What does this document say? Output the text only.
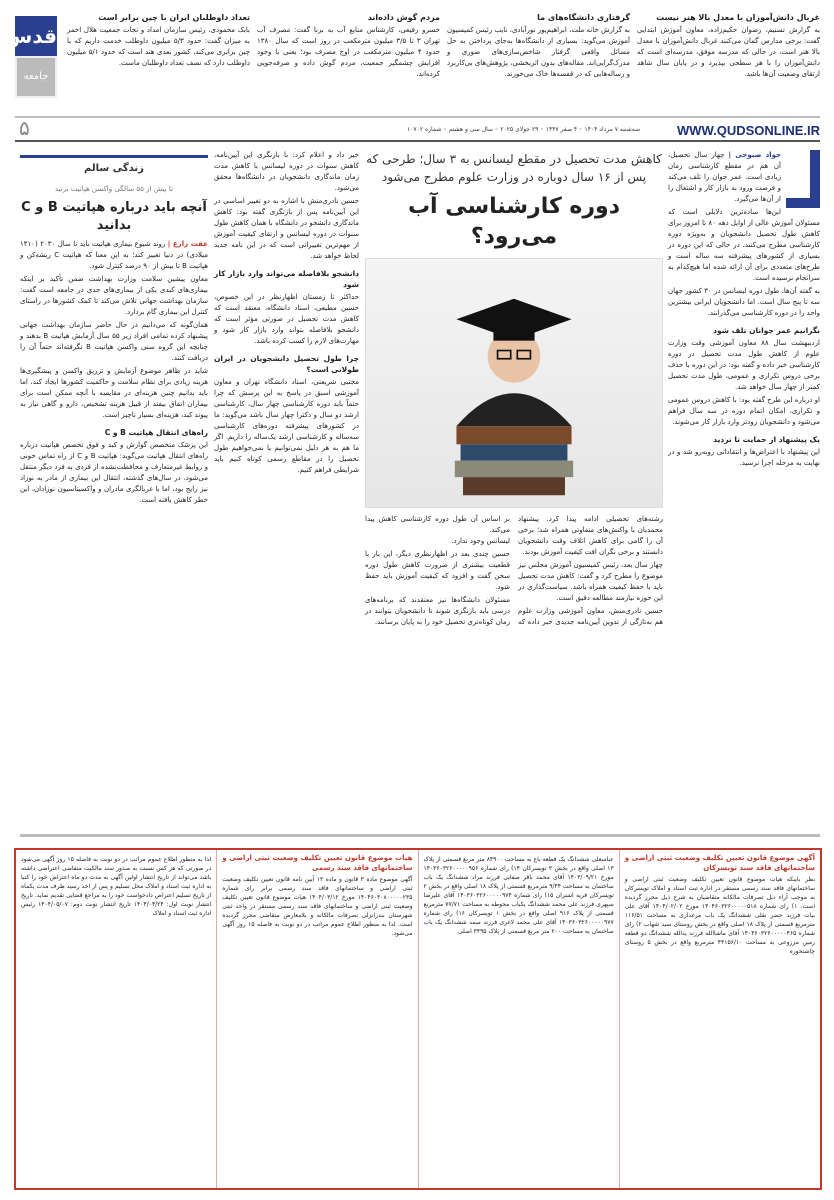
غربال دانش‌آموزان با معدل بالا هنر نیست
به گزارش تسنیم، رضوان حکیم‌زاده، معاون آموزش ابتدایی گفت: برخی مدارس گمان می‌کنند غربال دانش‌آموزان با معدل بالا هنر است، در حالی که مدرسه موفق، مدرسه‌ای است که دانش‌آموزان را با هر سطحی بپذیرد و در پایان سال شاهد ارتقای وضعیت آن‌ها باشد.
گرفتاری دانشگاه‌های ما
به گزارش خانه ملت، ابراهیم‌پور نورآبادی، نایب رئیس کمیسیون آموزش می‌گوید: بسیاری از دانشگاه‌ها به‌جای پرداختن به حل مسائل واقعی گرفتار شاخص‌سازی‌های صوری و مدرک‌گرایی‌اند. مقاله‌های بدون اثربخشی، پژوهش‌های بی‌کاربرد و رساله‌هایی که در قفسه‌ها خاک می‌خورند.
مردم گوش داده‌اند
خسرو رفیعی، کارشناس منابع آب به برنا گفت: مصرف آب تهران ۳ تا ۳/۵ میلیون مترمکعب در روز است که سال ۱۳۸۰ حدود ۴ میلیون مترمکعب در اوج مصرف بود؛ یعنی با وجود افزایش چشمگیر جمعیت، مردم گوش داده و صرفه‌جویی کرده‌اند.
تعداد داوطلبان ایران با چین برابر است
بابک محمودی، رئیس سازمان امداد و نجات جمعیت هلال احمر به میزان گفت: حدود ۵/۳ میلیون داوطلب خدمت داریم که با چین برابری می‌کند، کشور بعدی هند است که حدود ۵/۱ میلیون داوطلب دارد که نصف تعداد داوطلبان ماست.
قدس
جامعه
WWW.QUDSONLINE.IR
سه‌شنبه ۷ مرداد ۱۴۰۴ ◦ ۴ صفر ۱۴۴۷ ◦ ۲۹ جولای ۲۰۲۵ ◦ سال سی و هشتم ◦ شماره ۱۰۷۰۲
۵

جواد صبوحی | چهار سال تحصیل، آن هم در مقطع کارشناسی زمان زیادی است. عمر جوان را تلف می‌کند و فرصت ورود به بازار کار و اشتغال را از آن‌ها می‌گیرد.

این‌ها ساده‌ترین دلایلی است که مسئولان آموزش عالی از اوایل دهه ۸۰ تا امروز برای کاهش طول تحصیل دانشجویان و به‌ویژه دوره کارشناسی مطرح می‌کنند. در حالی که این دوره در بسیاری از کشورهای پیشرفته سه ساله است و طرح‌های متعددی برای آن ارائه شده اما هیچ‌کدام به سرانجام نرسیده است.

به گفته آن‌ها، طول دوره لیسانس در ۳۰ کشور جهان سه تا پنج سال است. اما دانشجویان ایرانی بیشترین واحد را در دوره کارشناسی می‌گذرانند.

نگرانیم عمر جوانان تلف شود

اردیبهشت سال ۸۸ معاون آموزشی وقت وزارت علوم از کاهش طول مدت تحصیل در دوره کارشناسی خبر داده و گفته بود: در این دوره با حذف برخی دروس تکراری و عمومی، طول مدت تحصیل کمتر از چهار سال خواهد شد.

او درباره این طرح گفته بود: با کاهش دروس عمومی و تکراری، امکان اتمام دوره در سه سال فراهم می‌شود و دانشجویان زودتر وارد بازار کار می‌شوند.

یک پیشنهاد از حمایت تا تردید

این پیشنهاد با اعتراض‌ها و انتقاداتی روبه‌رو شد و در نهایت به مرحله اجرا نرسید.

کاهش مدت تحصیل در مقطع لیسانس به ۳ سال؛ طرحی که پس از ۱۶ سال دوباره در وزارت علوم مطرح می‌شود
دوره کارشناسی آب می‌رود؟

رشته‌های تحصیلی ادامه پیدا کرد. پیشنهاد محمدیان با واکنش‌های متفاوتی همراه شد؛ برخی آن را گامی برای کاهش اتلاف وقت دانشجویان دانستند و برخی نگران افت کیفیت آموزش بودند.

چهار سال بعد، رئیس کمیسیون آموزش مجلس نیز موضوع را مطرح کرد و گفت: کاهش مدت تحصیل باید با حفظ کیفیت همراه باشد. سیاست‌گذاری در این حوزه نیازمند مطالعه دقیق است.

حسین نادری‌منش، معاون آموزشی وزارت علوم هم به‌تازگی از تدوین آیین‌نامه جدیدی خبر داده که بر اساس آن طول دوره کارشناسی کاهش پیدا می‌کند.

لیسانس وجود ندارد.

حسین چندی بعد در اظهارنظری دیگر، این بار با قطعیت بیشتری از ضرورت کاهش طول دوره سخن گفت و افزود که کیفیت آموزش باید حفظ شود.

مسئولان دانشگاه‌ها نیز معتقدند که برنامه‌های درسی باید بازنگری شوند تا دانشجویان بتوانند در زمان کوتاه‌تری تحصیل خود را به پایان برسانند.

خبر داد و اعلام کرد: با بازنگری این آیین‌نامه، کاهش سنوات در دوره لیسانس با کاهش مدت زمان ماندگاری دانشجویان در دانشگاه‌ها محقق می‌شود.

حسین نادری‌منش با اشاره به دو تغییر اساسی در این آیین‌نامه پس از بازنگری گفته بود: کاهش ماندگاری دانشجو در دانشگاه با همان کاهش طول سنوات در دوره لیسانس و ارتقای کیفیت آموزش از مهم‌ترین تغییراتی است که در این نامه جدید لحاظ خواهد شد.

دانشجو بلافاصله می‌تواند وارد بازار کار شود

حداکثر تا زمستان اظهارنظر در این خصوص، حسین مطیعی، استاد دانشگاه، معتقد است که کاهش مدت تحصیل در صورتی مؤثر است که دانشجو بلافاصله بتواند وارد بازار کار شود و مهارت‌های لازم را کسب کرده باشد.

چرا طول تحصیل دانشجویان در ایران طولانی است؟

مجتبی شریعتی، استاد دانشگاه تهران و معاون آموزشی اسبق در پاسخ به این پرسش که چرا حتماً باید دوره کارشناسی چهار سال، کارشناسی ارشد دو سال و دکترا چهار سال باشد می‌گوید: ما در کشورهای پیشرفته دوره‌های کارشناسی سه‌ساله و کارشناسی ارشد یک‌ساله را داریم. اگر ما هم به هر دلیل نمی‌توانیم یا نمی‌خواهیم طول تحصیل را در مقاطع رسمی کوتاه کنیم باید شرایطی فراهم کنیم.

زندگی سالم
تا پیش از ۵۵ سالگی واکسن هپاتیت بزنید
آنچه باید درباره هپاتیت B و C بدانید

عفت زارع | روند شیوع بیماری هپاتیت باید تا سال ۲۰۳۰ (۱۴۱۰ میلادی) در دنیا تغییر کند؛ به این معنا که هپاتیت C ریشه‌کن و هپاتیت B تا بیش از ۹۰ درصد کنترل شود.

معاون پیشین سلامت وزارت بهداشت ضمن تأکید بر اینکه بیماری‌های کبدی یکی از بیماری‌های جدی در جامعه است گفت: سازمان بهداشت جهانی تلاش می‌کند تا کمک کشورها در راستای کنترل این بیماری گام بردارد.

همان‌گونه که می‌دانیم در حال حاضر سازمان بهداشت جهانی پیشنهاد کرده تمامی افراد زیر ۵۵ سال آزمایش هپاتیت B بدهند و چنانچه این گروه سنی واکسن هپاتیت B نگرفته‌اند حتماً آن را دریافت کنند.

شاید در ظاهر موضوع آزمایش و تزریق واکسن و پیشگیری‌ها هزینه زیادی برای نظام سلامت و حاکمیت کشورها ایجاد کند، اما باید بدانیم چنین هزینه‌ای در مقایسه با آنچه ممکن است برای بیماران اتفاق بیفتد از قبیل هزینه تشخیص، دارو و گاهی نیاز به پیوند کبد، هزینه‌ای بسیار ناچیز است.

راه‌های انتقال هپاتیت B و C

این پزشک متخصص گوارش و کبد و فوق تخصص هپاتیت درباره راه‌های انتقال هپاتیت می‌گوید: هپاتیت B و C از راه تماس خونی و روابط غیرمتعارف و محافظت‌نشده از فردی به فرد دیگر منتقل می‌شود. در سال‌های گذشته، انتقال این بیماری از مادر به نوزاد نیز رایج بود، اما با غربالگری مادران و واکسیناسیون نوزادان، این خطر کاهش یافته است.

آگهی موضوع قانون تعیین تکلیف وضعیت ثبتی اراضی و ساختمانهای فاقد سند تویسرکان
نظر باینکه هیات موضوع قانون تعیین تکلیف وضعیت ثبتی اراضی و ساختمانهای فاقد سند رسمی مستقر در اداره ثبت اسناد و املاک تویسرکان به موجب آراء ذیل تصرفات مالکانه متقاضیان به شرح ذیل محرز گردیده است. ۱) رای شماره ۱۴۰۴۶۰۳۲۶۰۰۰۰۰۵۱۸ مورخ ۱۴۰۴/۰۲/۰۲ آقای علی بیات فرزند حضر نقلی ششدانگ یک باب مرغداری به مساحت ۱۱۶/۵۱ مترمربع قسمتی از پلاک ۱۸ اصلی واقع در بخش روستای سید شهاب ۲) رای شماره ۱۴۰۴۶۰۳۲۶۰۰۰۰۰۴۶۵ آقای ماشاالله فرزند یدالله ششدانگ دو قطعه زمین مزروعی به مساحت ۴۴۱۵۶/۱۰ مترمربع واقع در بخش ۵ روستای چاشتخوره
عباسعلی ششدانگ یک قطعه باغ به مساحت ۸۴۹۰۰ متر مربع قسمتی از پلاک ۱۳ اصلی واقع در بخش ۳ تویسرکان ۱۴) رای شماره ۱۴۰۳۶۰۳۲۶۰۰۰۰۰۹۵۶ مورخ ۱۴۰۳/۰۹/۲۱ آقای محمد باقر صفایی فرزند مراد ششدانگ یک باب ساختمان به مساحت ۹/۴۴ مترمربع قسمتی از پلاک ۱۸ اصلی واقع در بخش ۲ تویسرکان قریه اشتران ۱۵) رای شماره ۱۴۰۳۶۰۳۲۶۰۰۰۰۰۹۷۴ آقای علیرضا سپهری فرزند علی محمد ششدانگ یکباب محوطه به مساحت ۷۷/۷۱ مترمربع قسمتی از پلاک ۹۱۶ اصلی واقع در بخش ۱ تویسرکان ۱۶) رای شماره ۱۴۰۳۶۰۳۲۶۰۰۰۰۰۹۷۷ آقای علی محمد لاغری فرزند صمد ششدانگ یک باب ساختمان به مساحت ۲۰۰ متر مربع قسمتی از پلاک ۳۴۹۵ اصلی
هیات موضوع قانون تعیین تکلیف وضعیت ثبتی اراضی و ساختمانهای فاقد سند رسمی
آگهی موضوع ماده ۳ قانون و ماده ۱۳ آیین نامه قانون تعیین تکلیف وضعیت ثبتی اراضی و ساختمانهای فاقد سند رسمی برابر رای شماره ۱۴۰۴۶۰۳۰۸۰۰۰۰۰۲۳۵ مورخ ۱۴۰۴/۰۳/۱۲ هیات موضوع قانون تعیین تکلیف وضعیت ثبتی اراضی و ساختمانهای فاقد سند رسمی مستقر در واحد ثبتی شهرستان بندرانزلی تصرفات مالکانه و بلامعارض متقاضی محرز گردیده است. لذا به منظور اطلاع عموم مراتب در دو نوبت به فاصله ۱۵ روز آگهی می‌شود.
لذا به منظور اطلاع عموم مراتب در دو نوبت به فاصله ۱۵ روز آگهی می‌شود در صورتی که هر کس نسبت به صدور سند مالکیت متقاضی اعتراضی داشته باشد می‌تواند از تاریخ انتشار اولین آگهی به مدت دو ماه اعتراض خود را کتبا به اداره ثبت اسناد و املاک محل تسلیم و پس از اخذ رسید ظرف مدت یکماه از تاریخ تسلیم اعتراض دادخواست خود را به مراجع قضایی تقدیم نماید. تاریخ انتشار نوبت اول: ۱۴۰۴/۰۴/۲۴ تاریخ انتشار نوبت دوم: ۱۴۰۴/۰۵/۰۷ رئیس اداره ثبت اسناد و املاک
